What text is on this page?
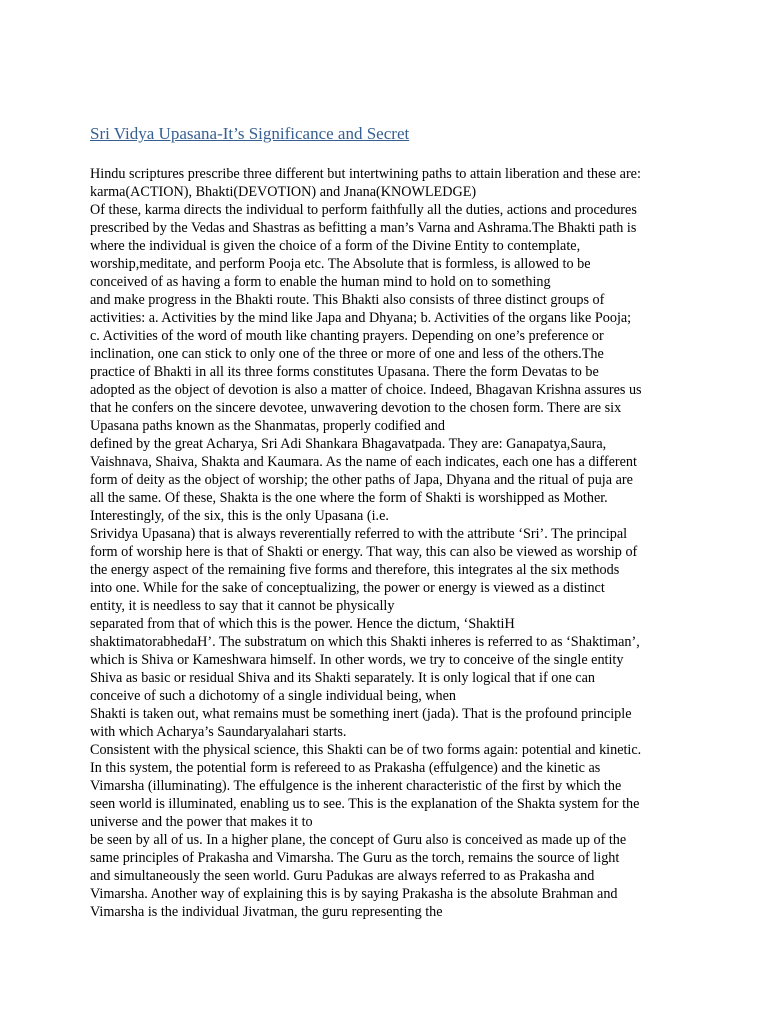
Sri Vidya Upasana-It’s Significance and Secret
Hindu scriptures prescribe three different but intertwining paths to attain liberation and these are:
karma(ACTION), Bhakti(DEVOTION) and Jnana(KNOWLEDGE)
Of these, karma directs the individual to perform faithfully all the duties, actions and procedures
prescribed by the Vedas and Shastras as befitting a man’s Varna and Ashrama.The Bhakti path is
where the individual is given the choice of a form of the Divine Entity to contemplate,
worship,meditate, and perform Pooja etc. The Absolute that is formless, is allowed to be
conceived of as having a form to enable the human mind to hold on to something
and make progress in the Bhakti route. This Bhakti also consists of three distinct groups of
activities: a. Activities by the mind like Japa and Dhyana; b. Activities of the organs like Pooja;
c. Activities of the word of mouth like chanting prayers. Depending on one’s preference or
inclination, one can stick to only one of the three or more of one and less of the others.The
practice of Bhakti in all its three forms constitutes Upasana. There the form Devatas to be
adopted as the object of devotion is also a matter of choice. Indeed, Bhagavan Krishna assures us
that he confers on the sincere devotee, unwavering devotion to the chosen form. There are six
Upasana paths known as the Shanmatas, properly codified and
defined by the great Acharya, Sri Adi Shankara Bhagavatpada. They are: Ganapatya,Saura,
Vaishnava, Shaiva, Shakta and Kaumara. As the name of each indicates, each one has a different
form of deity as the object of worship; the other paths of Japa, Dhyana and the ritual of puja are
all the same. Of these, Shakta is the one where the form of Shakti is worshipped as Mother.
Interestingly, of the six, this is the only Upasana (i.e.
Srividya Upasana) that is always reverentially referred to with the attribute ‘Sri’. The principal
form of worship here is that of Shakti or energy. That way, this can also be viewed as worship of
the energy aspect of the remaining five forms and therefore, this integrates al the six methods
into one. While for the sake of conceptualizing, the power or energy is viewed as a distinct
entity, it is needless to say that it cannot be physically
separated from that of which this is the power. Hence the dictum, ‘ShaktiH
shaktimatorabhedaH’. The substratum on which this Shakti inheres is referred to as ‘Shaktiman’,
which is Shiva or Kameshwara himself. In other words, we try to conceive of the single entity
Shiva as basic or residual Shiva and its Shakti separately. It is only logical that if one can
conceive of such a dichotomy of a single individual being, when
Shakti is taken out, what remains must be something inert (jada). That is the profound principle
with which Acharya’s Saundaryalahari starts.
Consistent with the physical science, this Shakti can be of two forms again: potential and kinetic.
In this system, the potential form is refereed to as Prakasha (effulgence) and the kinetic as
Vimarsha (illuminating). The effulgence is the inherent characteristic of the first by which the
seen world is illuminated, enabling us to see. This is the explanation of the Shakta system for the
universe and the power that makes it to
be seen by all of us. In a higher plane, the concept of Guru also is conceived as made up of the
same principles of Prakasha and Vimarsha. The Guru as the torch, remains the source of light
and simultaneously the seen world. Guru Padukas are always referred to as Prakasha and
Vimarsha. Another way of explaining this is by saying Prakasha is the absolute Brahman and
Vimarsha is the individual Jivatman, the guru representing the
